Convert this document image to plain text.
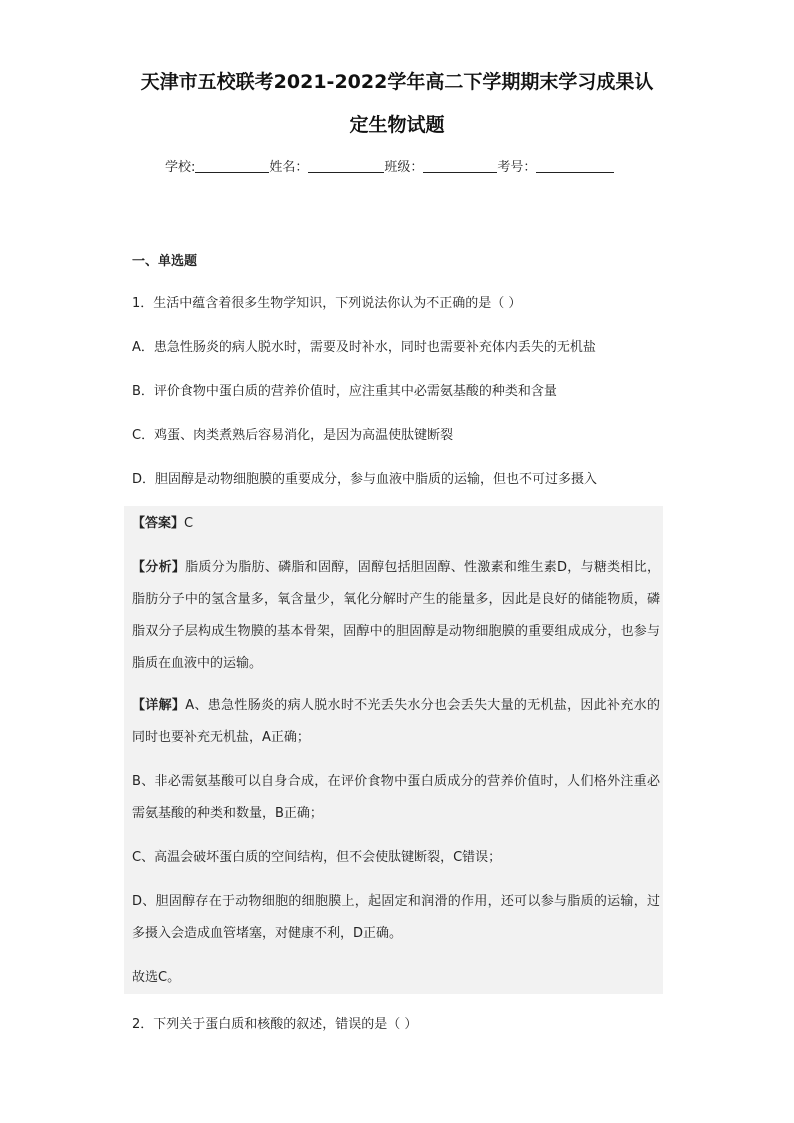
天津市五校联考2021-2022学年高二下学期期末学习成果认
定生物试题
学校:	姓名：	班级：	考号：
一、单选题
1．生活中蕴含着很多生物学知识，下列说法你认为不正确的是（ ）
A．患急性肠炎的病人脱水时，需要及时补水，同时也需要补充体内丢失的无机盐
B．评价食物中蛋白质的营养价值时，应注重其中必需氨基酸的种类和含量
C．鸡蛋、肉类煮熟后容易消化，是因为高温使肽键断裂
D．胆固醇是动物细胞膜的重要成分，参与血液中脂质的运输，但也不可过多摄入
【答案】C
【分析】脂质分为脂肪、磷脂和固醇，固醇包括胆固醇、性激素和维生素D，与糖类相比，脂肪分子中的氢含量多，氧含量少，氧化分解时产生的能量多，因此是良好的储能物质，磷脂双分子层构成生物膜的基本骨架，固醇中的胆固醇是动物细胞膜的重要组成成分，也参与脂质在血液中的运输。
【详解】A、患急性肠炎的病人脱水时不光丢失水分也会丢失大量的无机盐，因此补充水的同时也要补充无机盐，A正确；
B、非必需氨基酸可以自身合成，在评价食物中蛋白质成分的营养价值时，人们格外注重必需氨基酸的种类和数量，B正确；
C、高温会破坏蛋白质的空间结构，但不会使肽键断裂，C错误；
D、胆固醇存在于动物细胞的细胞膜上，起固定和润滑的作用，还可以参与脂质的运输，过多摄入会造成血管堵塞，对健康不利，D正确。
故选C。
2．下列关于蛋白质和核酸的叙述，错误的是（ ）
